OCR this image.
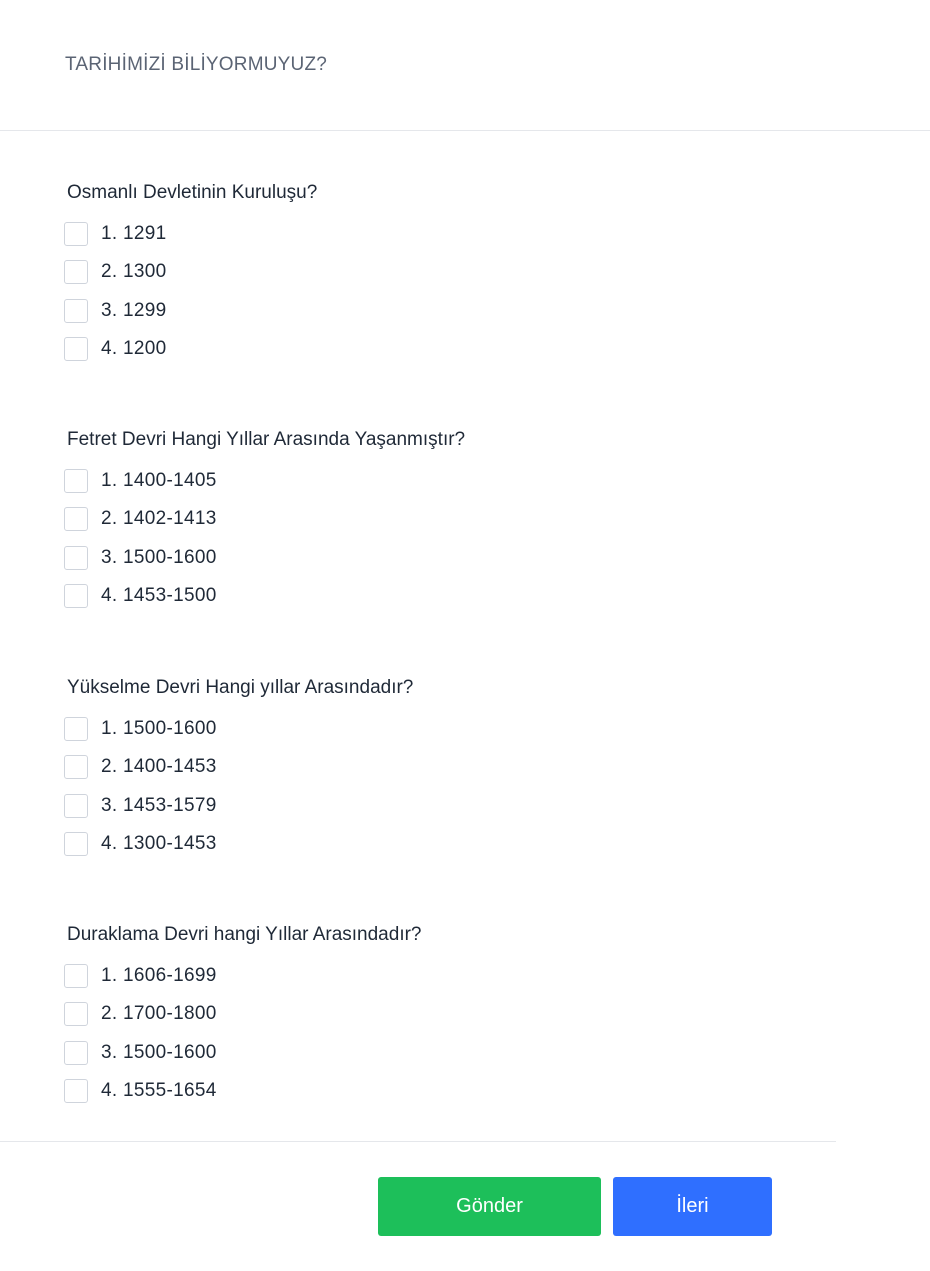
TARİHİMİZİ BİLİYORMUYUZ?
Osmanlı Devletinin Kuruluşu?
1. 1291
2. 1300
3. 1299
4. 1200
Fetret Devri Hangi Yıllar Arasında Yaşanmıştır?
1. 1400-1405
2. 1402-1413
3. 1500-1600
4. 1453-1500
Yükselme Devri Hangi yıllar Arasındadır?
1. 1500-1600
2. 1400-1453
3. 1453-1579
4. 1300-1453
Duraklama Devri hangi Yıllar Arasındadır?
1. 1606-1699
2. 1700-1800
3. 1500-1600
4. 1555-1654
Gönder	İleri
